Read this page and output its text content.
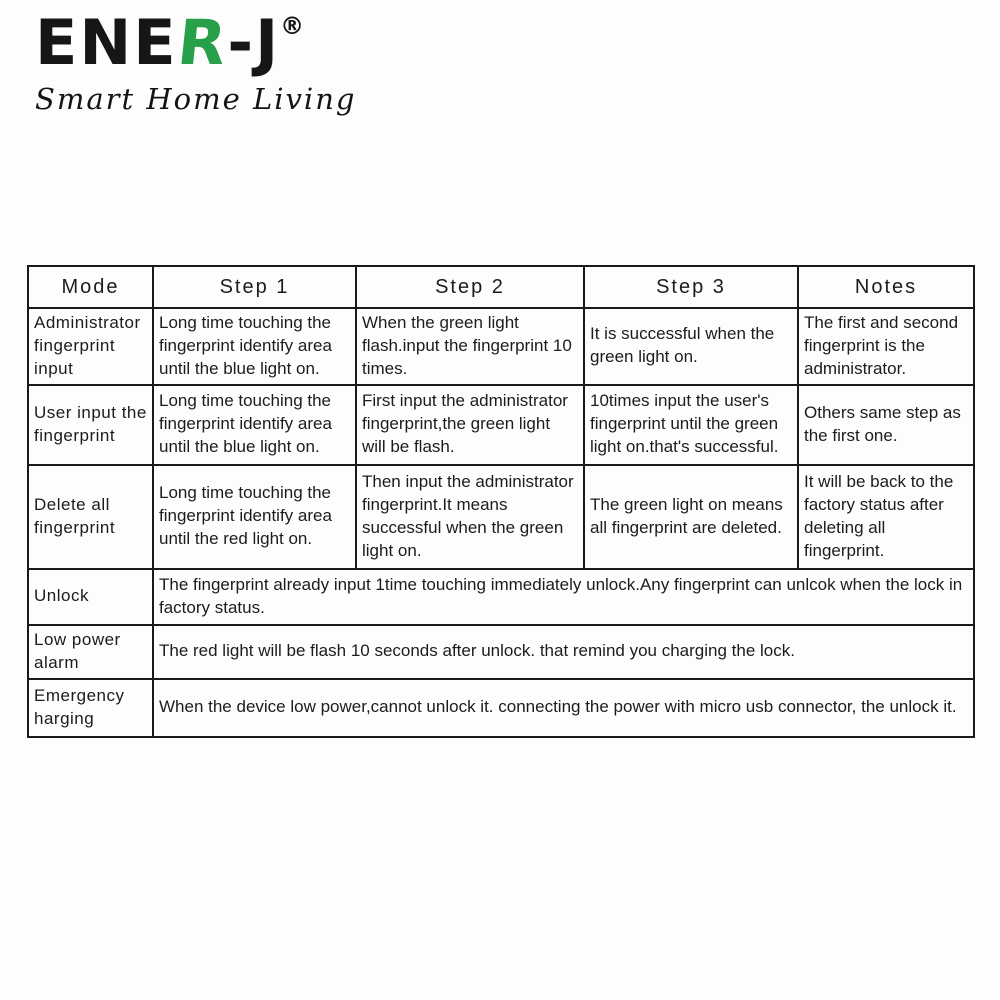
ENER-J®
Smart Home Living
Mode	Step 1	Step 2	Step 3	Notes
Administrator fingerprint input	Long time touching the fingerprint identify area until the blue light on.	When the green light flash.input the fingerprint 10 times.	It is successful when the green light on.	The first and second fingerprint is the administrator.
User input the fingerprint	Long time touching the fingerprint identify area until the blue light on.	First input the administrator fingerprint,the green light will be flash.	10times input the user's fingerprint until the green light on.that's successful.	Others same step as the first one.
Delete all fingerprint	Long time touching the fingerprint identify area until the red light on.	Then input the administrator fingerprint.It means successful when the green light on.	The green light on means all fingerprint are deleted.	It will be back to the factory status after deleting all fingerprint.
Unlock	The fingerprint already input 1time touching immediately unlock.Any fingerprint can unlcok when the lock in factory status.			
Low power alarm	The red light will be flash 10 seconds after unlock. that remind you charging the lock.			
Emergency harging	When the device low power,cannot unlock it. connecting the power with micro usb connector, the unlock it.			
